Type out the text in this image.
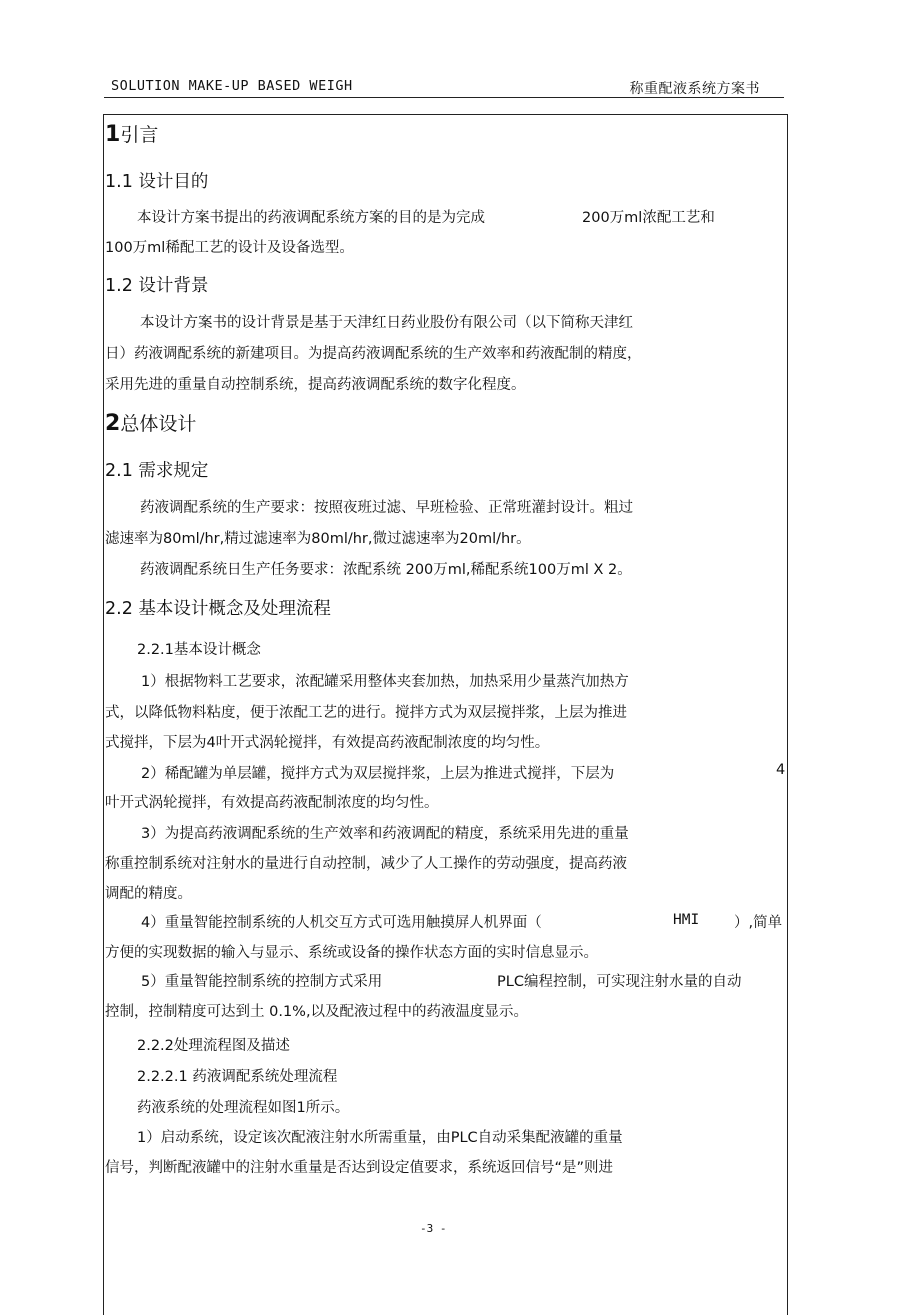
SOLUTION MAKE-UP BASED WEIGH	称重配液系统方案书
1引言
1.1 设计目的
本设计方案书提出的药液调配系统方案的目的是为完成	200万ml浓配工艺和
100万ml稀配工艺的设计及设备选型。
1.2 设计背景
本设计方案书的设计背景是基于天津红日药业股份有限公司（以下简称天津红
日）药液调配系统的新建项目。为提高药液调配系统的生产效率和药液配制的精度，
采用先进的重量自动控制系统，提高药液调配系统的数字化程度。
2总体设计
2.1 需求规定
药液调配系统的生产要求：按照夜班过滤、早班检验、正常班灌封设计。粗过
滤速率为80ml/hr,精过滤速率为80ml/hr,微过滤速率为20ml/hr。
药液调配系统日生产任务要求：浓配系统 200万ml,稀配系统100万ml X 2。
2.2 基本设计概念及处理流程
2.2.1基本设计概念
1）根据物料工艺要求，浓配罐采用整体夹套加热，加热采用少量蒸汽加热方
式，以降低物料粘度，便于浓配工艺的进行。搅拌方式为双层搅拌浆，上层为推进
式搅拌，下层为4叶开式涡轮搅拌，有效提高药液配制浓度的均匀性。
2）稀配罐为单层罐，搅拌方式为双层搅拌浆，上层为推进式搅拌，下层为	4
叶开式涡轮搅拌，有效提高药液配制浓度的均匀性。
3）为提高药液调配系统的生产效率和药液调配的精度，系统采用先进的重量
称重控制系统对注射水的量进行自动控制，减少了人工操作的劳动强度，提高药液
调配的精度。
4）重量智能控制系统的人机交互方式可选用触摸屏人机界面（	HMI ）,简单
方便的实现数据的输入与显示、系统或设备的操作状态方面的实时信息显示。
5）重量智能控制系统的控制方式采用	PLC编程控制，可实现注射水量的自动
控制，控制精度可达到土 0.1%,以及配液过程中的药液温度显示。
2.2.2处理流程图及描述
2.2.2.1 药液调配系统处理流程
药液系统的处理流程如图1所示。
1）启动系统，设定该次配液注射水所需重量，由PLC自动采集配液罐的重量
信号，判断配液罐中的注射水重量是否达到设定值要求，系统返回信号“是”则进
-3 -
